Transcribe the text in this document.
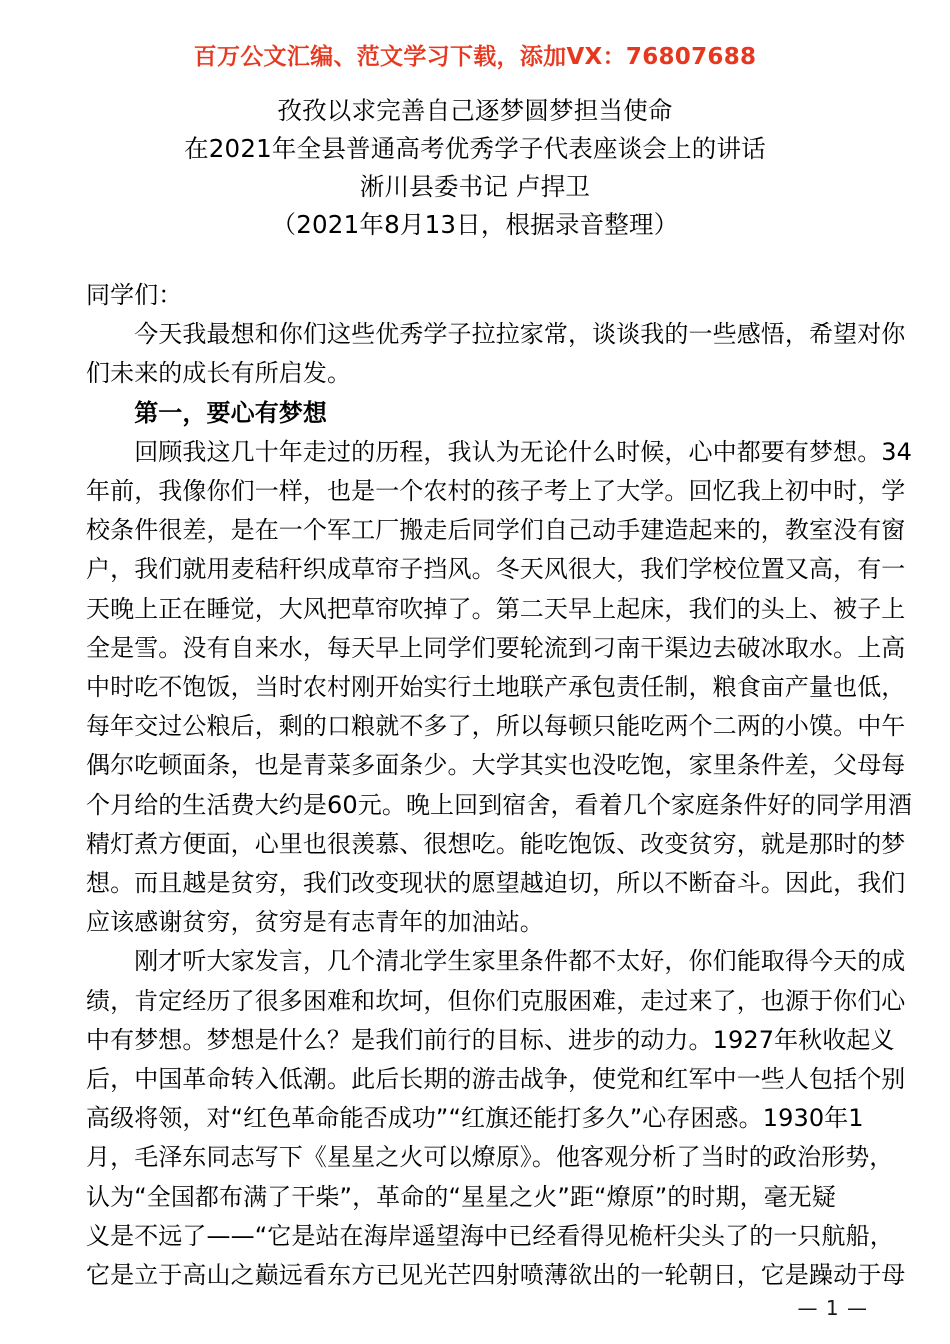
百万公文汇编、范文学习下载，添加VX：76807688
孜孜以求完善自己逐梦圆梦担当使命
在2021年全县普通高考优秀学子代表座谈会上的讲话
淅川县委书记 卢捍卫
（2021年8月13日，根据录音整理）
同学们：
　　今天我最想和你们这些优秀学子拉拉家常，谈谈我的一些感悟，希望对你
们未来的成长有所启发。
　　第一，要心有梦想
　　回顾我这几十年走过的历程，我认为无论什么时候，心中都要有梦想。34
年前，我像你们一样，也是一个农村的孩子考上了大学。回忆我上初中时，学
校条件很差，是在一个军工厂搬走后同学们自己动手建造起来的，教室没有窗
户，我们就用麦秸秆织成草帘子挡风。冬天风很大，我们学校位置又高，有一
天晚上正在睡觉，大风把草帘吹掉了。第二天早上起床，我们的头上、被子上
全是雪。没有自来水，每天早上同学们要轮流到刁南干渠边去破冰取水。上高
中时吃不饱饭，当时农村刚开始实行土地联产承包责任制，粮食亩产量也低，
每年交过公粮后，剩的口粮就不多了，所以每顿只能吃两个二两的小馍。中午
偶尔吃顿面条，也是青菜多面条少。大学其实也没吃饱，家里条件差，父母每
个月给的生活费大约是60元。晚上回到宿舍，看着几个家庭条件好的同学用酒
精灯煮方便面，心里也很羡慕、很想吃。能吃饱饭、改变贫穷，就是那时的梦
想。而且越是贫穷，我们改变现状的愿望越迫切，所以不断奋斗。因此，我们
应该感谢贫穷，贫穷是有志青年的加油站。
　　刚才听大家发言，几个清北学生家里条件都不太好，你们能取得今天的成
绩，肯定经历了很多困难和坎坷，但你们克服困难，走过来了，也源于你们心
中有梦想。梦想是什么？是我们前行的目标、进步的动力。1927年秋收起义
后，中国革命转入低潮。此后长期的游击战争，使党和红军中一些人包括个别
高级将领，对“红色革命能否成功”“红旗还能打多久”心存困惑。1930年1
月，毛泽东同志写下《星星之火可以燎原》。他客观分析了当时的政治形势，
认为“全国都布满了干柴”，革命的“星星之火”距“燎原”的时期，毫无疑
义是不远了——“它是站在海岸遥望海中已经看得见桅杆尖头了的一只航船，
它是立于高山之巅远看东方已见光芒四射喷薄欲出的一轮朝日，它是躁动于母
— 1 —
